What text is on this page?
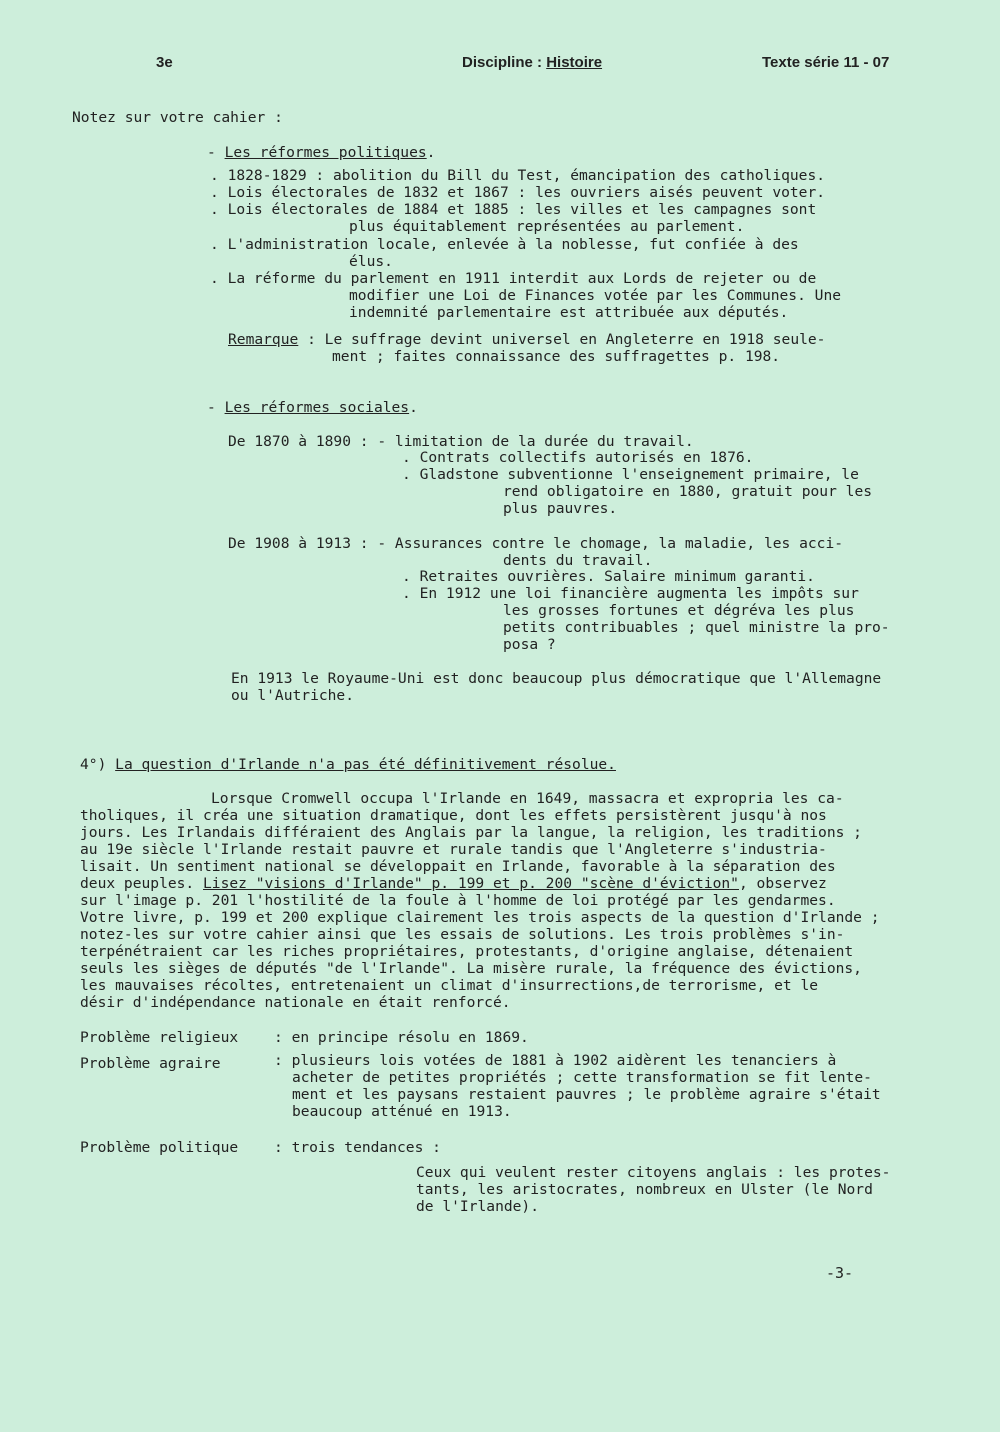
3e	Discipline : Histoire	Texte série 11 - 07
Notez sur votre cahier :
- Les réformes politiques.
. 1828-1829 : abolition du Bill du Test, émancipation des catholiques.
. Lois électorales de 1832 et 1867 : les ouvriers aisés peuvent voter.
. Lois électorales de 1884 et 1885 : les villes et les campagnes sont
plus équitablement représentées au parlement.
. L'administration locale, enlevée à la noblesse, fut confiée à des
élus.
. La réforme du parlement en 1911 interdit aux Lords de rejeter ou de
modifier une Loi de Finances votée par les Communes. Une
indemnité parlementaire est attribuée aux députés.
Remarque : Le suffrage devint universel en Angleterre en 1918 seule-
ment ; faites connaissance des suffragettes p. 198.
- Les réformes sociales.
De 1870 à 1890 : - limitation de la durée du travail.
. Contrats collectifs autorisés en 1876.
. Gladstone subventionne l'enseignement primaire, le
rend obligatoire en 1880, gratuit pour les
plus pauvres.
De 1908 à 1913 : - Assurances contre le chomage, la maladie, les acci-
dents du travail.
. Retraites ouvrières. Salaire minimum garanti.
. En 1912 une loi financière augmenta les impôts sur
les grosses fortunes et dégréva les plus
petits contribuables ; quel ministre la pro-
posa ?
En 1913 le Royaume-Uni est donc beaucoup plus démocratique que l'Allemagne
ou l'Autriche.
4°) La question d'Irlande n'a pas été définitivement résolue.
Lorsque Cromwell occupa l'Irlande en 1649, massacra et expropria les ca-
tholiques, il créa une situation dramatique, dont les effets persistèrent jusqu'à nos
jours. Les Irlandais différaient des Anglais par la langue, la religion, les traditions ;
au 19e siècle l'Irlande restait pauvre et rurale tandis que l'Angleterre s'industria-
lisait. Un sentiment national se développait en Irlande, favorable à la séparation des
deux peuples. Lisez "visions d'Irlande" p. 199 et p. 200 "scène d'éviction", observez
sur l'image p. 201 l'hostilité de la foule à l'homme de loi protégé par les gendarmes.
Votre livre, p. 199 et 200 explique clairement les trois aspects de la question d'Irlande ;
notez-les sur votre cahier ainsi que les essais de solutions. Les trois problèmes s'in-
terpénétraient car les riches propriétaires, protestants, d'origine anglaise, détenaient
seuls les sièges de députés "de l'Irlande". La misère rurale, la fréquence des évictions,
les mauvaises récoltes, entretenaient un climat d'insurrections,de terrorisme, et le
désir d'indépendance nationale en était renforcé.
Problème religieux : en principe résolu en 1869.
Problème agraire	: plusieurs lois votées de 1881 à 1902 aidèrent les tenanciers à
acheter de petites propriétés ; cette transformation se fit lente-
ment et les paysans restaient pauvres ; le problème agraire s'était
beaucoup atténué en 1913.
Problème politique : trois tendances :
Ceux qui veulent rester citoyens anglais : les protes-
tants, les aristocrates, nombreux en Ulster (le Nord
de l'Irlande).
-3-
